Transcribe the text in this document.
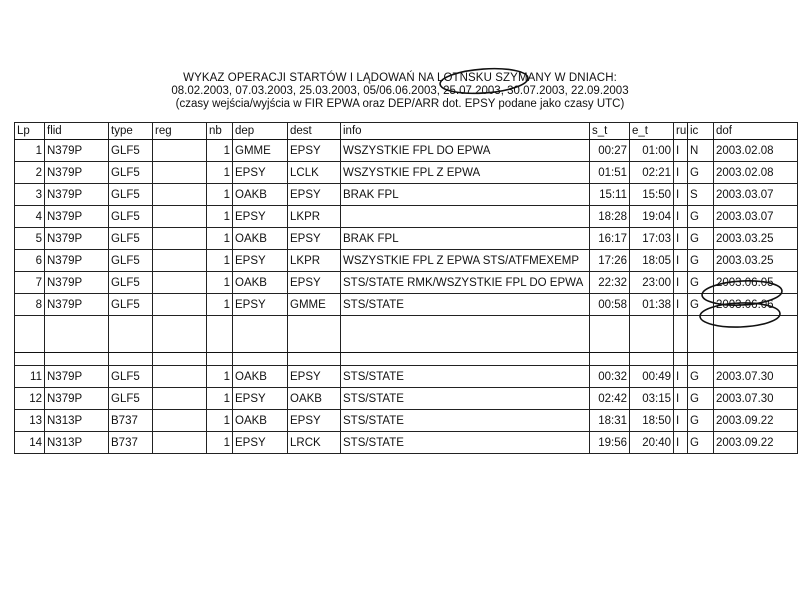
WYKAZ OPERACJI STARTÓW I LĄDOWAŃ NA LOTNSKU SZYMANY W DNIACH:
08.02.2003, 07.03.2003, 25.03.2003, 05/06.06.2003, 25.07.2003, 30.07.2003, 22.09.2003
(czasy wejścia/wyjścia w FIR EPWA oraz DEP/ARR dot. EPSY podane jako czasy UTC)
Lp	flid	type	reg	nb	dep	dest	info	s_t	e_t	rul	ic	dof
1	N379P	GLF5		1	GMME	EPSY	WSZYSTKIE FPL DO EPWA	00:27	01:00	I	N	2003.02.08
2	N379P	GLF5		1	EPSY	LCLK	WSZYSTKIE FPL Z EPWA	01:51	02:21	I	G	2003.02.08
3	N379P	GLF5		1	OAKB	EPSY	BRAK FPL	15:11	15:50	I	S	2003.03.07
4	N379P	GLF5		1	EPSY	LKPR		18:28	19:04	I	G	2003.03.07
5	N379P	GLF5		1	OAKB	EPSY	BRAK FPL	16:17	17:03	I	G	2003.03.25
6	N379P	GLF5		1	EPSY	LKPR	WSZYSTKIE FPL Z EPWA STS/ATFMEXEMP	17:26	18:05	I	G	2003.03.25
7	N379P	GLF5		1	OAKB	EPSY	STS/STATE RMK/WSZYSTKIE FPL DO EPWA	22:32	23:00	I	G	2003.06.05
8	N379P	GLF5		1	EPSY	GMME	STS/STATE	00:58	01:38	I	G	2003.06.06

11	N379P	GLF5		1	OAKB	EPSY	STS/STATE	00:32	00:49	I	G	2003.07.30
12	N379P	GLF5		1	EPSY	OAKB	STS/STATE	02:42	03:15	I	G	2003.07.30
13	N313P	B737		1	OAKB	EPSY	STS/STATE	18:31	18:50	I	G	2003.09.22
14	N313P	B737		1	EPSY	LRCK	STS/STATE	19:56	20:40	I	G	2003.09.22
